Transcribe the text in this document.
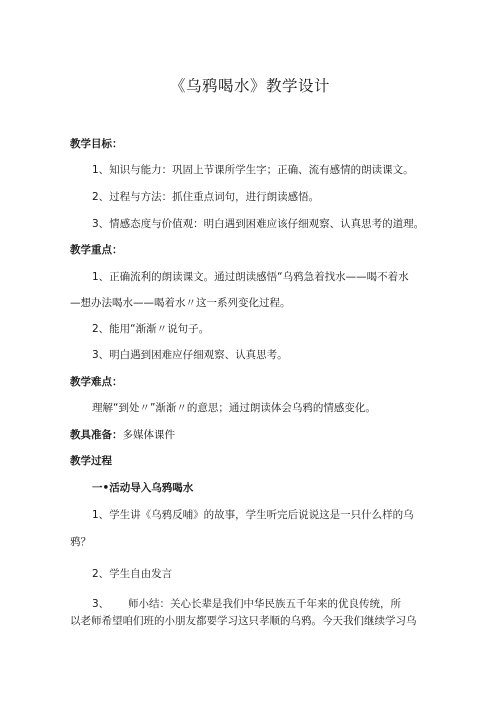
《乌鸦喝水》教学设计
教学目标：
1、知识与能力：巩固上节课所学生字；正确、流有感情的朗读课文。
2、过程与方法：抓住重点词句，进行朗读感悟。
3、情感态度与价值观：明白遇到困难应该仔细观察、认真思考的道理。
教学重点：
1、正确流利的朗读课文。通过朗读感悟“乌鸦急着找水——喝不着水
—想办法喝水——喝着水〃这一系列变化过程。
2、能用“渐渐〃说句子。
3、明白遇到困难应仔细观察、认真思考。
教学难点：
理解“到处〃”渐渐〃的意思；通过朗读体会乌鸦的情感变化。
教具准备：多媒体课件
教学过程
一•活动导入乌鸦喝水
1、学生讲《乌鸦反哺》的故事，学生听完后说说这是一只什么样的乌
鸦？
2、学生自由发言
3、 师小结：关心长辈是我们中华民族五千年来的优良传统，所
以老师希望咱们班的小朋友都要学习这只孝顺的乌鸦。今天我们继续学习乌
